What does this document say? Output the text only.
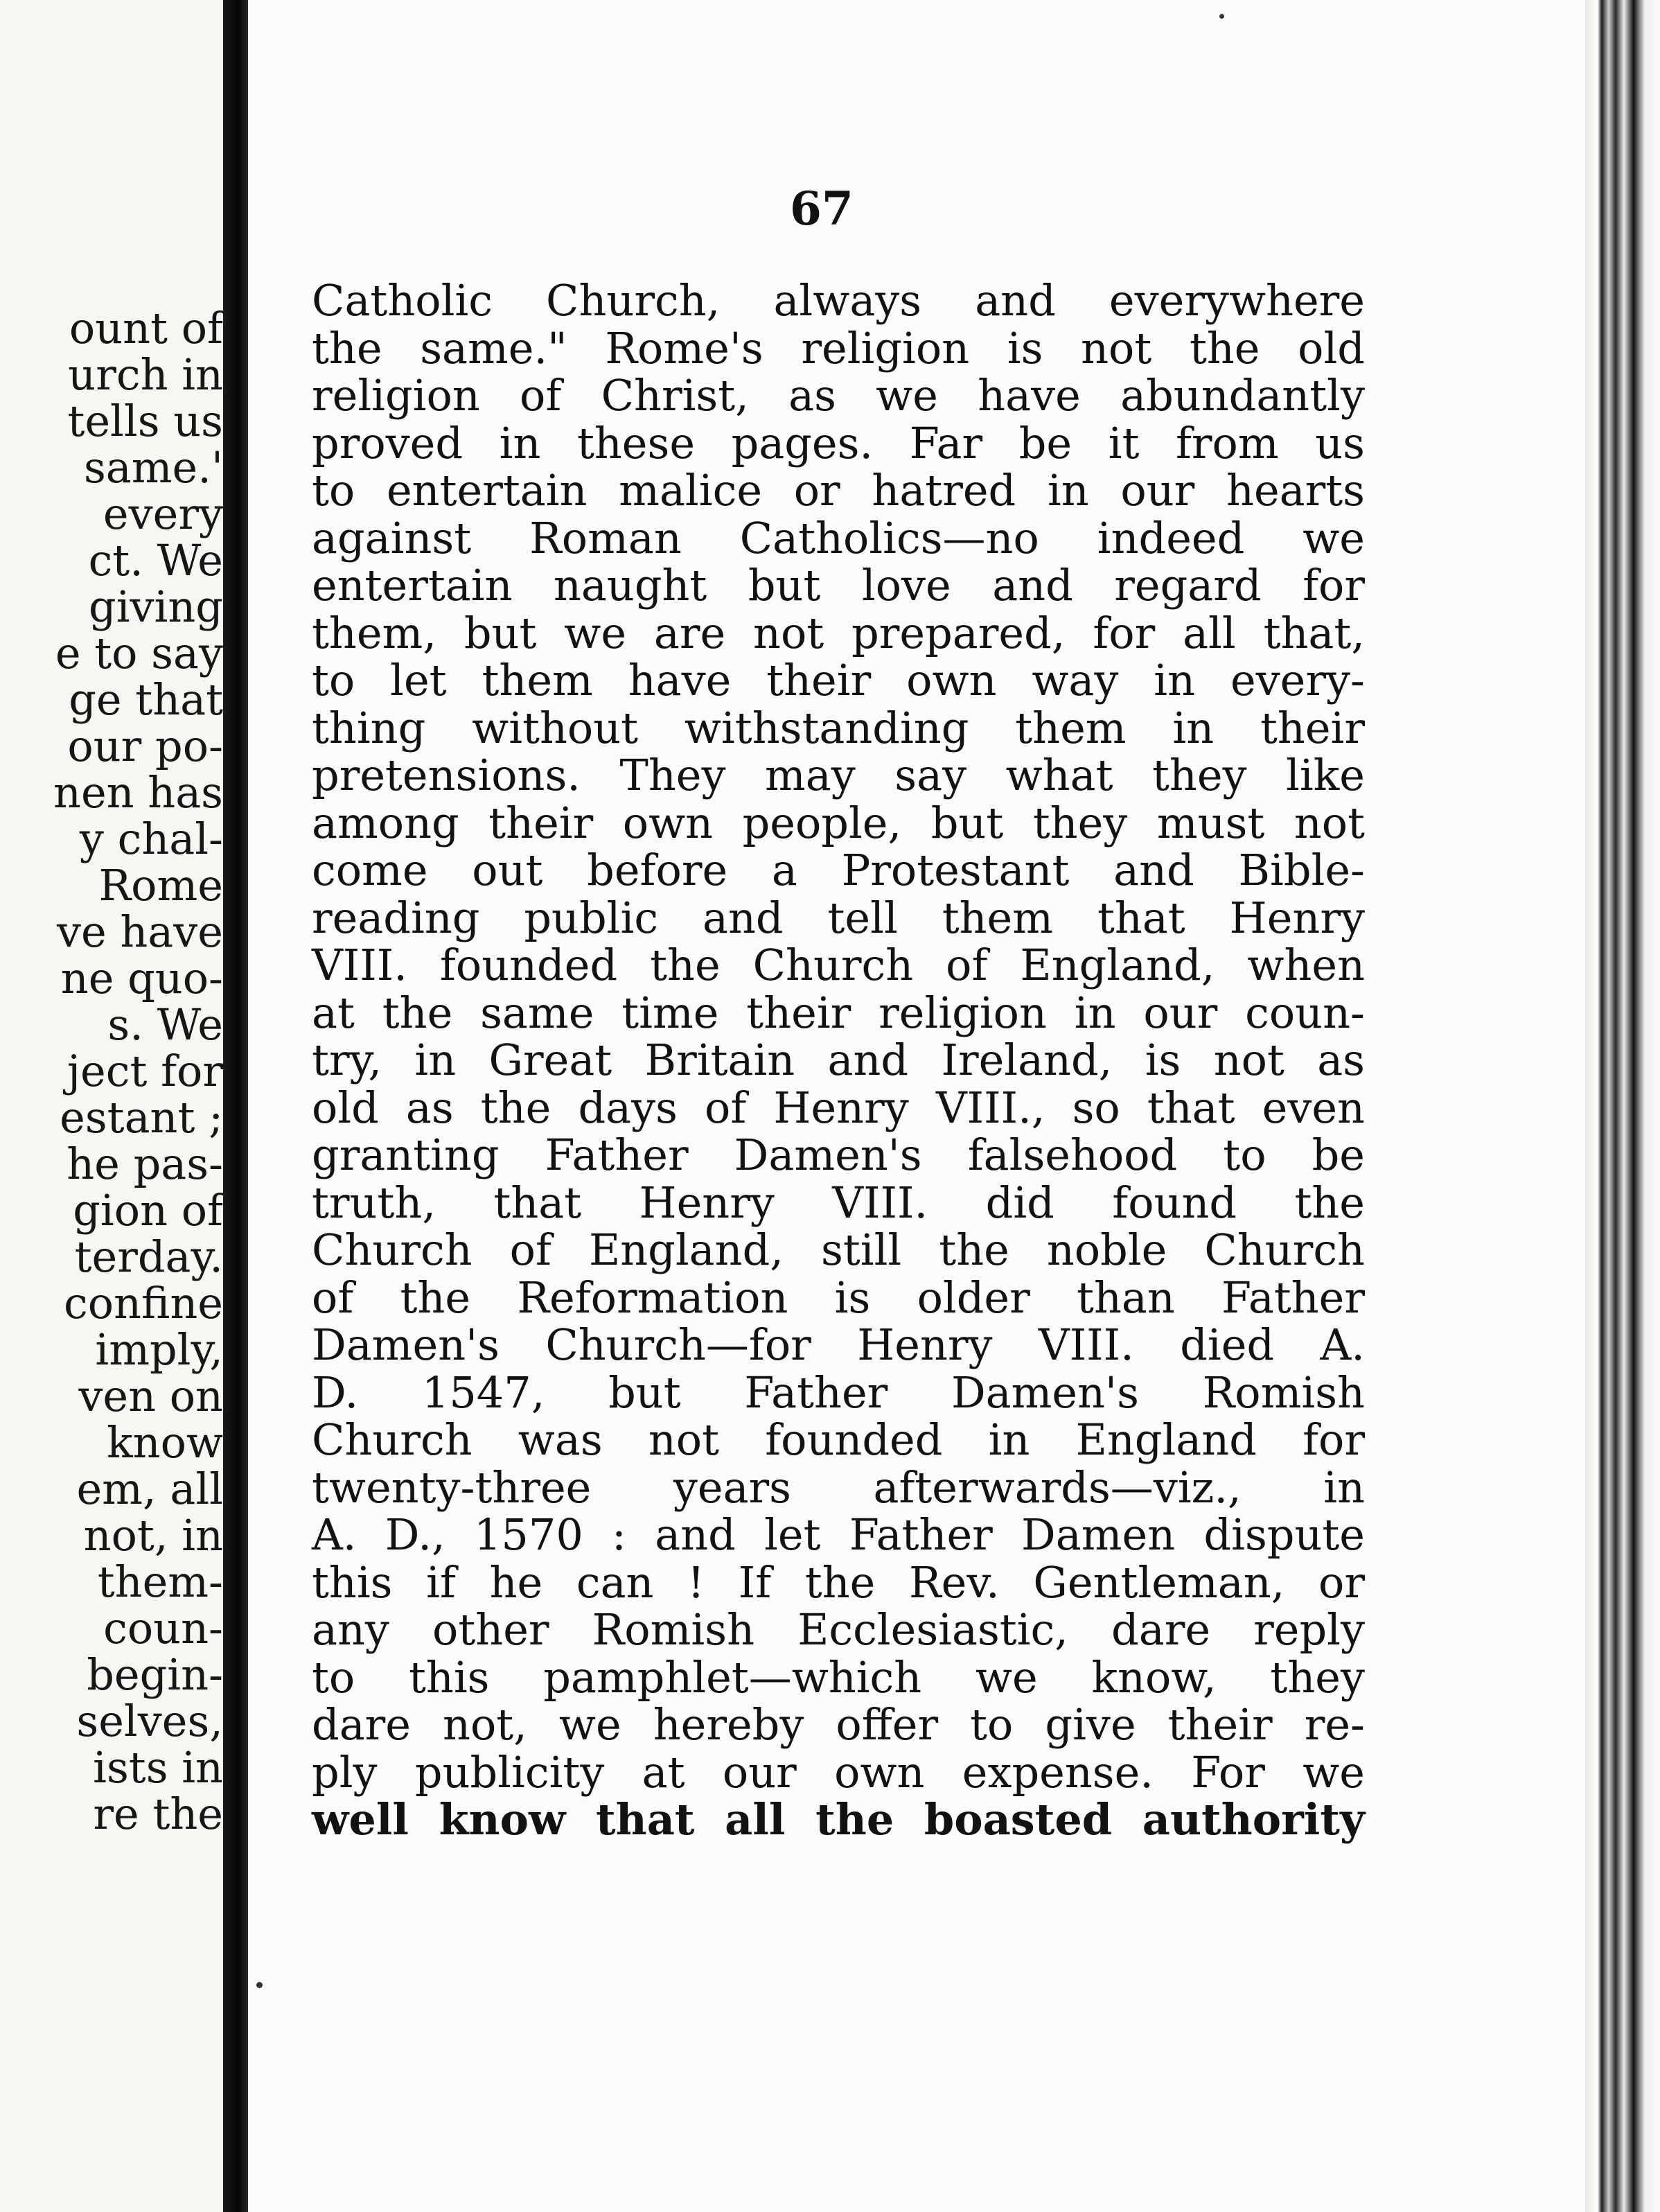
ount of
urch in
tells us
same.'
every
ct. We
giving
e to say
ge that
our po-
nen has
y chal-
Rome
ve have
ne quo-
s. We
ject for
estant ;
he pas-
gion of
terday.
confine
imply,
ven on
know
em, all
not, in
them-
coun-
begin-
selves,
ists in
re the
67
Catholic Church, always and everywhere
the same." Rome's religion is not the old
religion of Christ, as we have abundantly
proved in these pages. Far be it from us
to entertain malice or hatred in our hearts
against Roman Catholics—no indeed we
entertain naught but love and regard for
them, but we are not prepared, for all that,
to let them have their own way in every-
thing without withstanding them in their
pretensions. They may say what they like
among their own people, but they must not
come out before a Protestant and Bible-
reading public and tell them that Henry
VIII. founded the Church of England, when
at the same time their religion in our coun-
try, in Great Britain and Ireland, is not as
old as the days of Henry VIII., so that even
granting Father Damen's falsehood to be
truth, that Henry VIII. did found the
Church of England, still the noble Church
of the Reformation is older than Father
Damen's Church—for Henry VIII. died A.
D. 1547, but Father Damen's Romish
Church was not founded in England for
twenty-three years afterwards—viz., in
A. D., 1570 : and let Father Damen dispute
this if he can ! If the Rev. Gentleman, or
any other Romish Ecclesiastic, dare reply
to this pamphlet—which we know, they
dare not, we hereby offer to give their re-
ply publicity at our own expense. For we
well know that all the boasted authority
